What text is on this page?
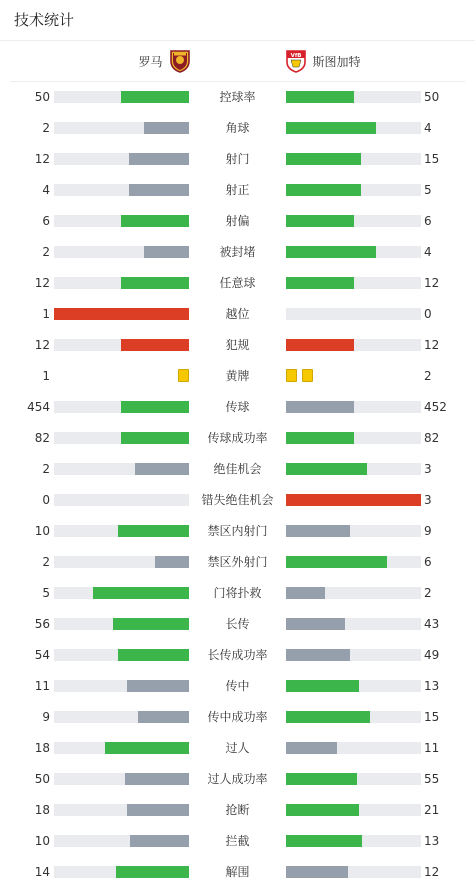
技术统计
罗马	VfB 斯图加特
50	控球率	50
2	角球	4
12	射门	15
4	射正	5
6	射偏	6
2	被封堵	4
12	任意球	12
1	越位	0
12	犯规	12
1	黄牌	2
454	传球	452
82	传球成功率	82
2	绝佳机会	3
0	错失绝佳机会	3
10	禁区内射门	9
2	禁区外射门	6
5	门将扑救	2
56	长传	43
54	长传成功率	49
11	传中	13
9	传中成功率	15
18	过人	11
50	过人成功率	55
18	抢断	21
10	拦截	13
14	解围	12
